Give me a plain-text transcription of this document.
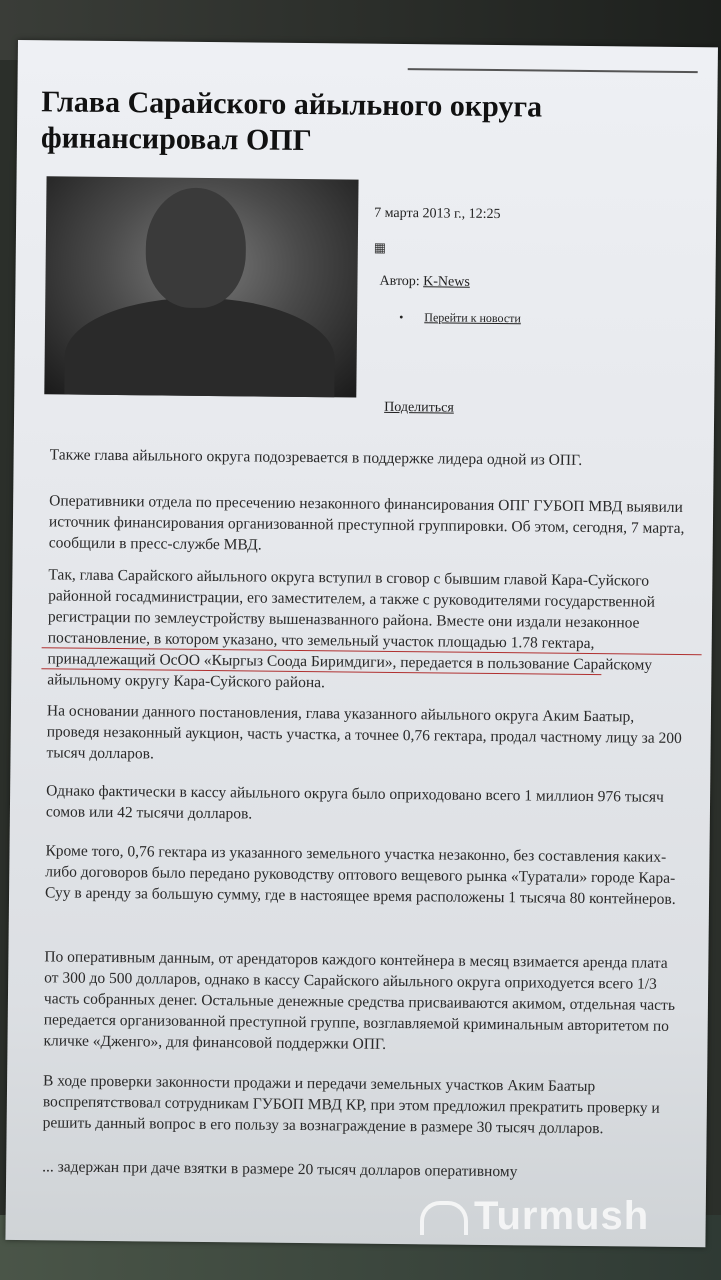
Глава Сарайского айыльного округа финансировал ОПГ
7 марта 2013 г., 12:25
▦
Автор: K-News
• Перейти к новости
Поделиться

Также глава айыльного округа подозревается в поддержке лидера одной из ОПГ.

Оперативники отдела по пресечению незаконного финансирования ОПГ ГУБОП МВД выявили источник финансирования организованной преступной группировки. Об этом, сегодня, 7 марта, сообщили в пресс-службе МВД.

Так, глава Сарайского айыльного округа вступил в сговор с бывшим главой Кара-Суйского районной госадминистрации, его заместителем, а также с руководителями государственной регистрации по землеустройству вышеназванного района. Вместе они издали незаконное постановление, в котором указано, что земельный участок площадью 1.78 гектара, принадлежащий ОсОО «Кыргыз Соода Биримдиги», передается в пользование Сарайскому айыльному округу Кара-Суйского района.

На основании данного постановления, глава указанного айыльного округа Аким Баатыр, проведя незаконный аукцион, часть участка, а точнее 0,76 гектара, продал частному лицу за 200 тысяч долларов.

Однако фактически в кассу айыльного округа было оприходовано всего 1 миллион 976 тысяч сомов или 42 тысячи долларов.

Кроме того, 0,76 гектара из указанного земельного участка незаконно, без составления каких-либо договоров было передано руководству оптового вещевого рынка «Туратали» городе Кара-Суу в аренду за большую сумму, где в настоящее время расположены 1 тысяча 80 контейнеров.

По оперативным данным, от арендаторов каждого контейнера в месяц взимается аренда плата от 300 до 500 долларов, однако в кассу Сарайского айыльного округа оприходуется всего 1/3 часть собранных денег. Остальные денежные средства присваиваются акимом, отдельная часть передается организованной преступной группе, возглавляемой криминальным авторитетом по кличке «Дженго», для финансовой поддержки ОПГ.

В ходе проверки законности продажи и передачи земельных участков Аким Баатыр воспрепятствовал сотрудникам ГУБОП МВД КР, при этом предложил прекратить проверку и решить данный вопрос в его пользу за вознаграждение в размере 30 тысяч долларов.

... задержан при даче взятки в размере 20 тысяч долларов оперативному

Turmush
